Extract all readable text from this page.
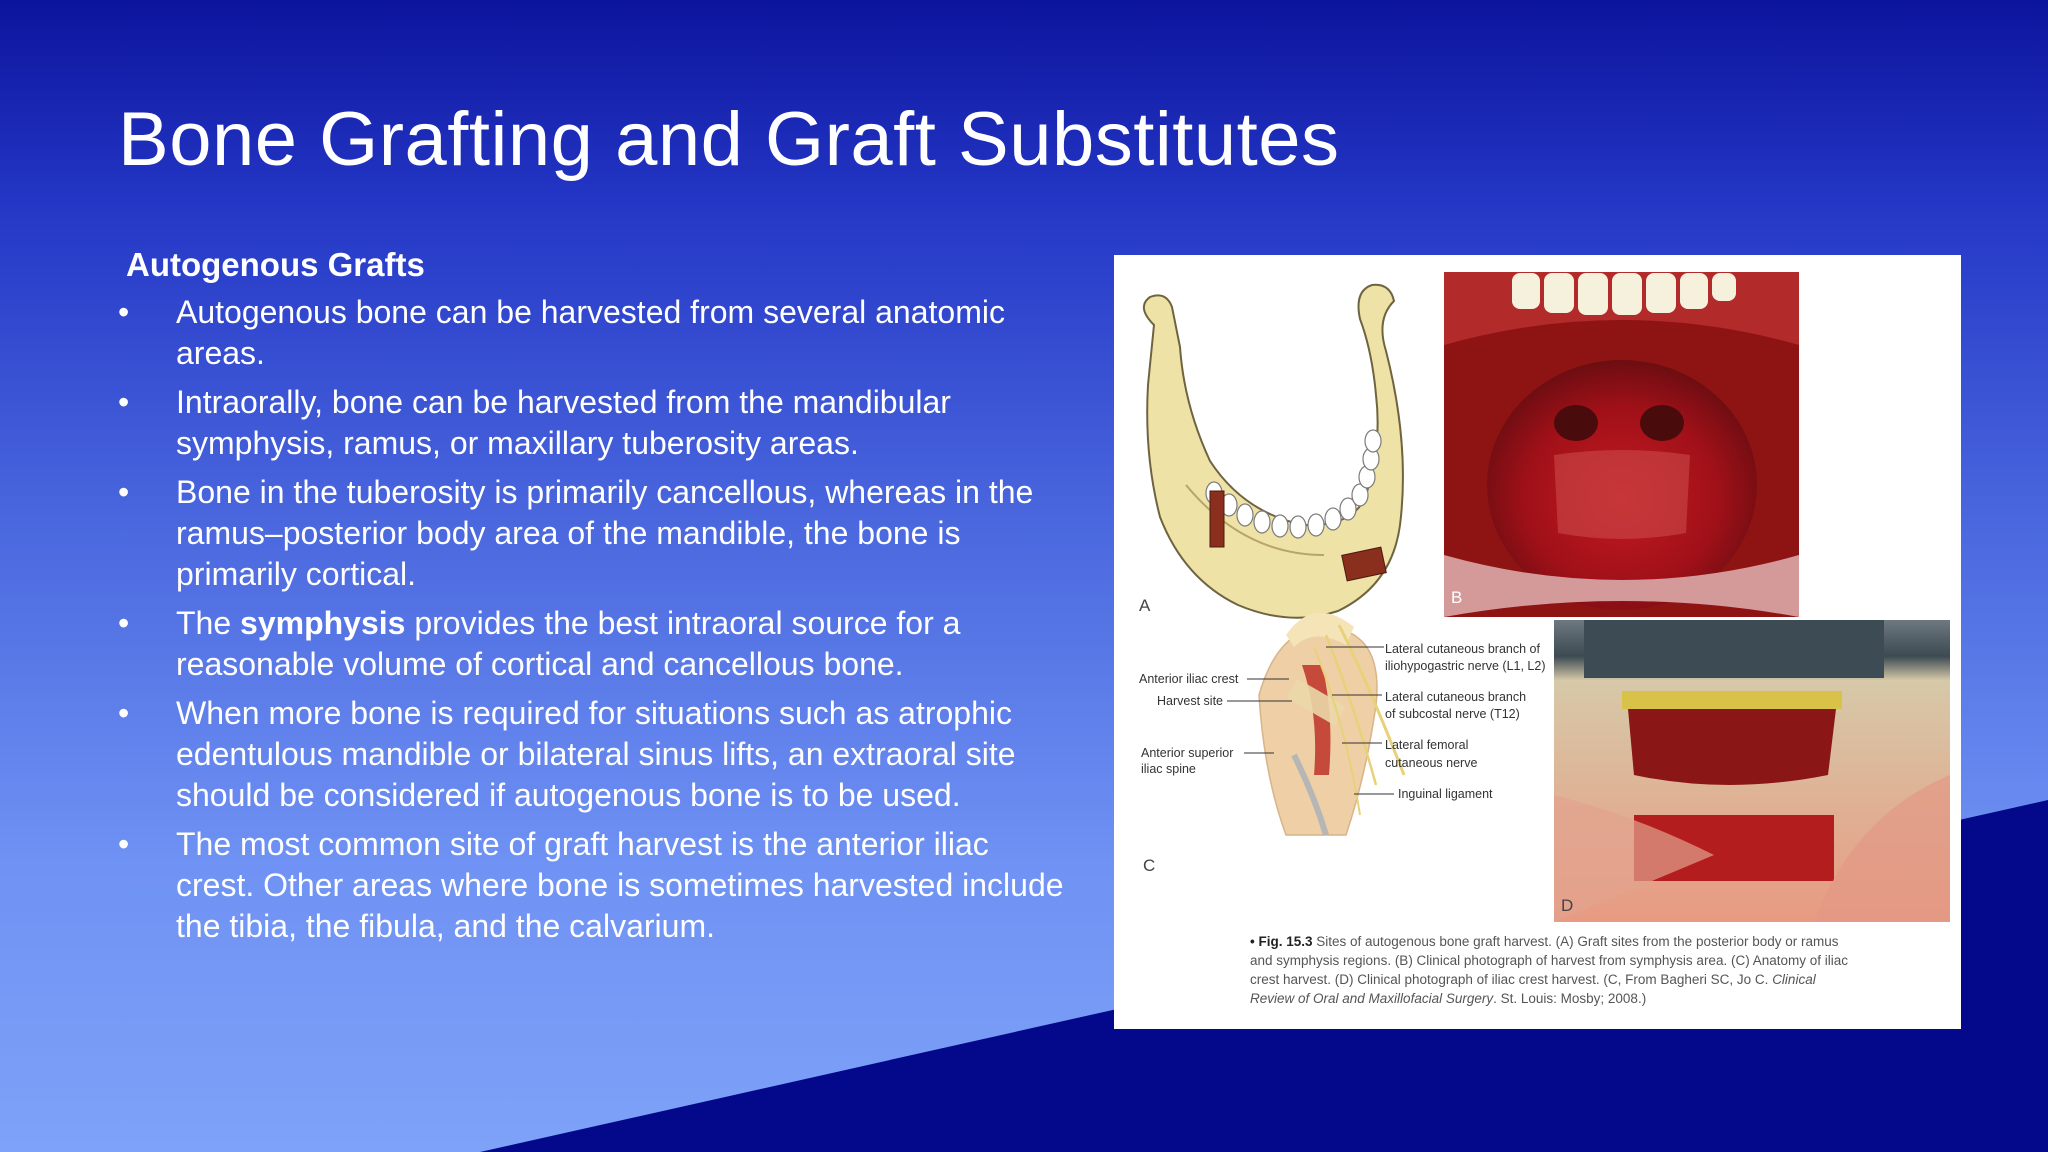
Bone Grafting and Graft Substitutes
Autogenous Grafts
• Autogenous bone can be harvested from several anatomic areas.
• Intraorally, bone can be harvested from the mandibular symphysis, ramus, or maxillary tuberosity areas.
• Bone in the tuberosity is primarily cancellous, whereas in the ramus–posterior body area of the mandible, the bone is primarily cortical.
• The symphysis provides the best intraoral source for a reasonable volume of cortical and cancellous bone.
• When more bone is required for situations such as atrophic edentulous mandible or bilateral sinus lifts, an extraoral site should be considered if autogenous bone is to be used.
• The most common site of graft harvest is the anterior iliac crest. Other areas where bone is sometimes harvested include the tibia, the fibula, and the calvarium.
A	B
C
D
Anterior iliac crest
Harvest site
Anterior superior
iliac spine
Lateral cutaneous branch of
iliohypogastric nerve (L1, L2)
Lateral cutaneous branch
of subcostal nerve (T12)
Lateral femoral
cutaneous nerve
Inguinal ligament
• Fig. 15.3 Sites of autogenous bone graft harvest. (A) Graft sites from the posterior body or ramus and symphysis regions. (B) Clinical photograph of harvest from symphysis area. (C) Anatomy of iliac crest harvest. (D) Clinical photograph of iliac crest harvest. (C, From Bagheri SC, Jo C. Clinical Review of Oral and Maxillofacial Surgery. St. Louis: Mosby; 2008.)
